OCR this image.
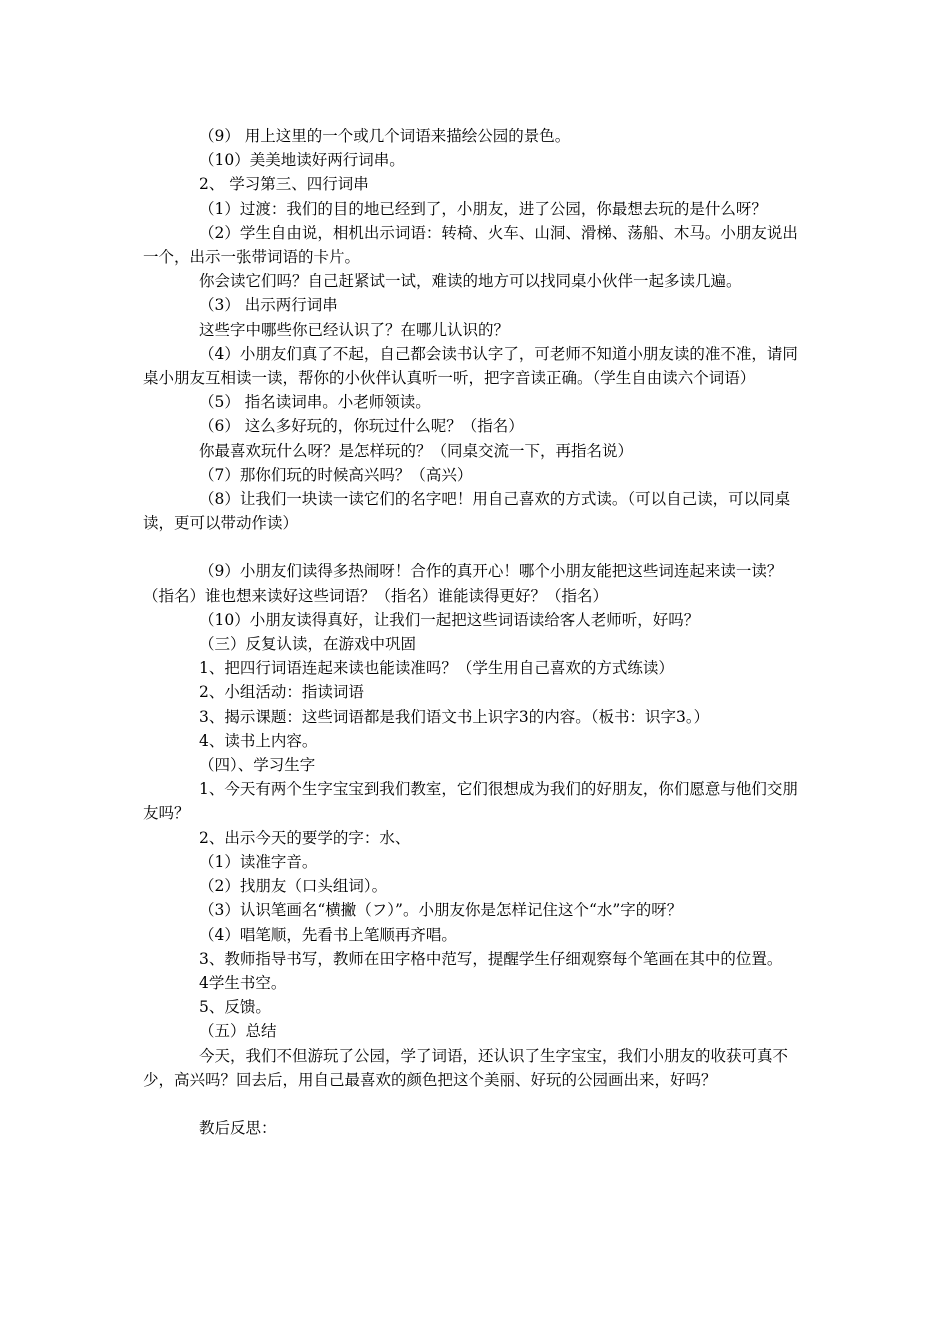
（9） 用上这里的一个或几个词语来描绘公园的景色。

（10）美美地读好两行词串。

2、 学习第三、四行词串

（1）过渡：我们的目的地已经到了，小朋友，进了公园，你最想去玩的是什么呀？

（2）学生自由说，相机出示词语：转椅、火车、山洞、滑梯、荡船、木马。小朋友说出一个，出示一张带词语的卡片。

你会读它们吗？自己赶紧试一试，难读的地方可以找同桌小伙伴一起多读几遍。

（3） 出示两行词串

这些字中哪些你已经认识了？在哪儿认识的？

（4）小朋友们真了不起，自己都会读书认字了，可老师不知道小朋友读的准不准，请同桌小朋友互相读一读，帮你的小伙伴认真听一听，把字音读正确。（学生自由读六个词语）

（5） 指名读词串。小老师领读。

（6） 这么多好玩的，你玩过什么呢？（指名）

你最喜欢玩什么呀？是怎样玩的？（同桌交流一下，再指名说）

（7）那你们玩的时候高兴吗？（高兴）

（8）让我们一块读一读它们的名字吧！用自己喜欢的方式读。（可以自己读，可以同桌读，更可以带动作读）

（9）小朋友们读得多热闹呀！合作的真开心！哪个小朋友能把这些词连起来读一读？（指名）谁也想来读好这些词语？（指名）谁能读得更好？（指名）

（10）小朋友读得真好，让我们一起把这些词语读给客人老师听，好吗？

（三）反复认读，在游戏中巩固

1、把四行词语连起来读也能读准吗？（学生用自己喜欢的方式练读）

2、小组活动：指读词语

3、揭示课题：这些词语都是我们语文书上识字3的内容。（板书：识字3。）

4、读书上内容。

（四）、学习生字

1、今天有两个生字宝宝到我们教室，它们很想成为我们的好朋友，你们愿意与他们交朋友吗？

2、出示今天的要学的字：水、

（1）读准字音。

（2）找朋友（口头组词）。

（3）认识笔画名“横撇（フ）”。小朋友你是怎样记住这个“水”字的呀？

（4）唱笔顺，先看书上笔顺再齐唱。

3、教师指导书写，教师在田字格中范写，提醒学生仔细观察每个笔画在其中的位置。

4学生书空。

5、反馈。

（五）总结

今天，我们不但游玩了公园，学了词语，还认识了生字宝宝，我们小朋友的收获可真不少，高兴吗？回去后，用自己最喜欢的颜色把这个美丽、好玩的公园画出来，好吗？

教后反思：
